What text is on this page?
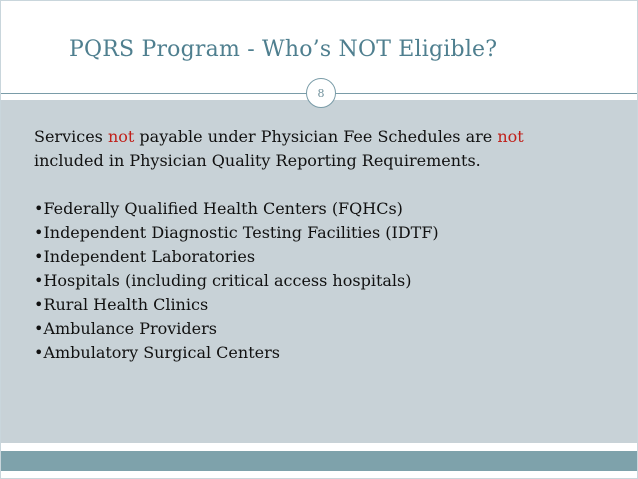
PQRS Program - Who’s NOT Eligible?

Services not payable under Physician Fee Schedules are not

included in Physician Quality Reporting Requirements.

•Federally Qualified Health Centers (FQHCs)
•Independent Diagnostic Testing Facilities (IDTF)
•Independent Laboratories
•Hospitals (including critical access hospitals)
•Rural Health Clinics
•Ambulance Providers
•Ambulatory Surgical Centers
8
